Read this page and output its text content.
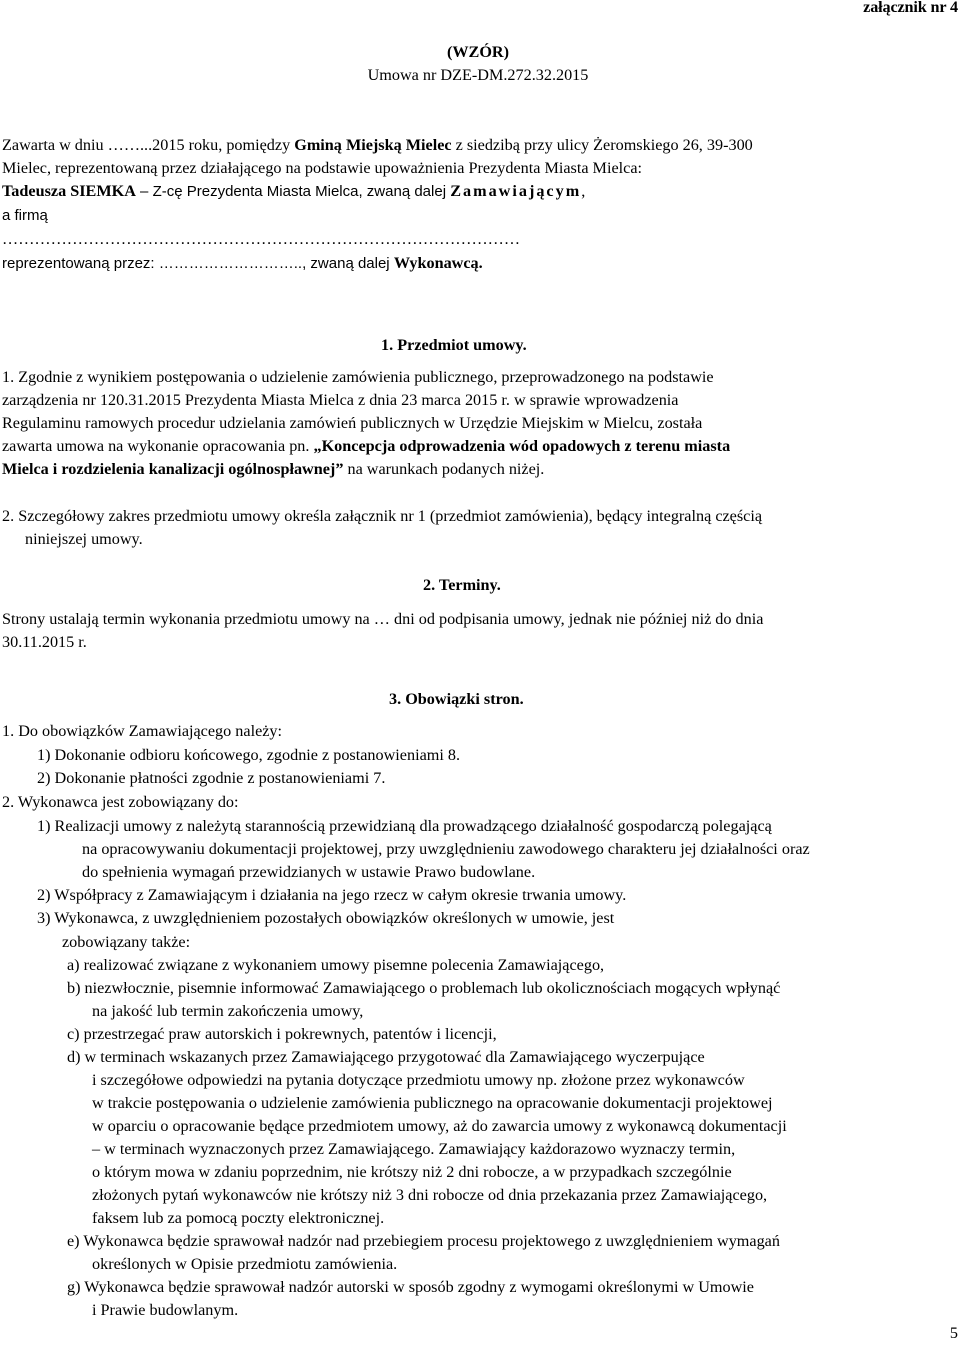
załącznik nr 4
(WZÓR)
Umowa nr DZE-DM.272.32.2015
Zawarta w dniu ……...2015 roku, pomiędzy Gminą Miejską Mielec z siedzibą przy ulicy Żeromskiego 26, 39-300
Mielec, reprezentowaną przez działającego na podstawie upoważnienia Prezydenta Miasta Mielca:
Tadeusza SIEMKA – Z-cę Prezydenta Miasta Mielca, zwaną dalej Zamawiającym,
a firmą
……………………………………………………………………………………
reprezentowaną przez: ……………………….., zwaną dalej Wykonawcą.
1. Przedmiot umowy.
1. Zgodnie z wynikiem postępowania o udzielenie zamówienia publicznego, przeprowadzonego na podstawie
zarządzenia nr 120.31.2015 Prezydenta Miasta Mielca z dnia 23 marca 2015 r. w sprawie wprowadzenia
Regulaminu ramowych procedur udzielania zamówień publicznych w Urzędzie Miejskim w Mielcu, została
zawarta umowa na wykonanie opracowania pn. „Koncepcja odprowadzenia wód opadowych z terenu miasta
Mielca i rozdzielenia kanalizacji ogólnospławnej” na warunkach podanych niżej.
2. Szczegółowy zakres przedmiotu umowy określa załącznik nr 1 (przedmiot zamówienia), będący integralną częścią
niniejszej umowy.
2. Terminy.
Strony ustalają termin wykonania przedmiotu umowy na … dni od podpisania umowy, jednak nie później niż do dnia
30.11.2015 r.
3. Obowiązki stron.
1. Do obowiązków Zamawiającego należy:
1) Dokonanie odbioru końcowego, zgodnie z postanowieniami 8.
2) Dokonanie płatności zgodnie z postanowieniami 7.
2. Wykonawca jest zobowiązany do:
1) Realizacji umowy z należytą starannością przewidzianą dla prowadzącego działalność gospodarczą polegającą
na opracowywaniu dokumentacji projektowej, przy uwzględnieniu zawodowego charakteru jej działalności oraz
do spełnienia wymagań przewidzianych w ustawie Prawo budowlane.
2) Współpracy z Zamawiającym i działania na jego rzecz w całym okresie trwania umowy.
3) Wykonawca, z uwzględnieniem pozostałych obowiązków określonych w umowie, jest
zobowiązany także:
a) realizować związane z wykonaniem umowy pisemne polecenia Zamawiającego,
b) niezwłocznie, pisemnie informować Zamawiającego o problemach lub okolicznościach mogących wpłynąć
na jakość lub termin zakończenia umowy,
c) przestrzegać praw autorskich i pokrewnych, patentów i licencji,
d) w terminach wskazanych przez Zamawiającego przygotować dla Zamawiającego wyczerpujące
i szczegółowe odpowiedzi na pytania dotyczące przedmiotu umowy np. złożone przez wykonawców
w trakcie postępowania o udzielenie zamówienia publicznego na opracowanie dokumentacji projektowej
w oparciu o opracowanie będące przedmiotem umowy, aż do zawarcia umowy z wykonawcą dokumentacji
– w terminach wyznaczonych przez Zamawiającego. Zamawiający każdorazowo wyznaczy termin,
o którym mowa w zdaniu poprzednim, nie krótszy niż 2 dni robocze, a w przypadkach szczególnie
złożonych pytań wykonawców nie krótszy niż 3 dni robocze od dnia przekazania przez Zamawiającego,
faksem lub za pomocą poczty elektronicznej.
e) Wykonawca będzie sprawował nadzór nad przebiegiem procesu projektowego z uwzględnieniem wymagań
określonych w Opisie przedmiotu zamówienia.
g) Wykonawca będzie sprawował nadzór autorski w sposób zgodny z wymogami określonymi w Umowie
i Prawie budowlanym.
5
